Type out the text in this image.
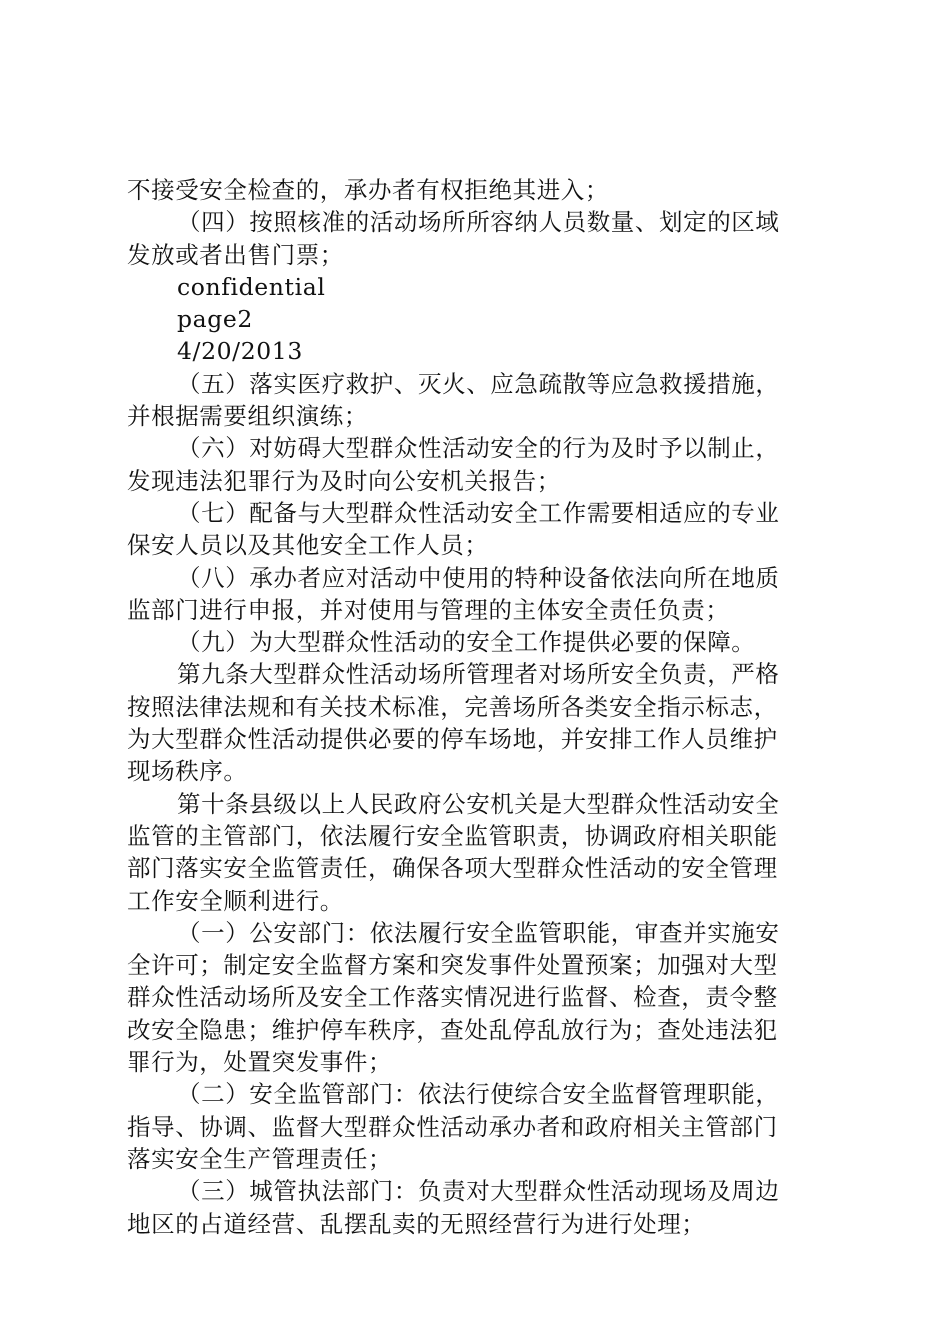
不接受安全检查的，承办者有权拒绝其进入；
（四）按照核准的活动场所所容纳人员数量、划定的区域
发放或者出售门票；
confidential
page2
4/20/2013
（五）落实医疗救护、灭火、应急疏散等应急救援措施，
并根据需要组织演练；
（六）对妨碍大型群众性活动安全的行为及时予以制止，
发现违法犯罪行为及时向公安机关报告；
（七）配备与大型群众性活动安全工作需要相适应的专业
保安人员以及其他安全工作人员；
（八）承办者应对活动中使用的特种设备依法向所在地质
监部门进行申报，并对使用与管理的主体安全责任负责；
（九）为大型群众性活动的安全工作提供必要的保障。
第九条大型群众性活动场所管理者对场所安全负责，严格
按照法律法规和有关技术标准，完善场所各类安全指示标志，
为大型群众性活动提供必要的停车场地，并安排工作人员维护
现场秩序。
第十条县级以上人民政府公安机关是大型群众性活动安全
监管的主管部门，依法履行安全监管职责，协调政府相关职能
部门落实安全监管责任，确保各项大型群众性活动的安全管理
工作安全顺利进行。
（一）公安部门：依法履行安全监管职能，审查并实施安
全许可；制定安全监督方案和突发事件处置预案；加强对大型
群众性活动场所及安全工作落实情况进行监督、检查，责令整
改安全隐患；维护停车秩序，查处乱停乱放行为；查处违法犯
罪行为，处置突发事件；
（二）安全监管部门：依法行使综合安全监督管理职能，
指导、协调、监督大型群众性活动承办者和政府相关主管部门
落实安全生产管理责任；
（三）城管执法部门：负责对大型群众性活动现场及周边
地区的占道经营、乱摆乱卖的无照经营行为进行处理；
